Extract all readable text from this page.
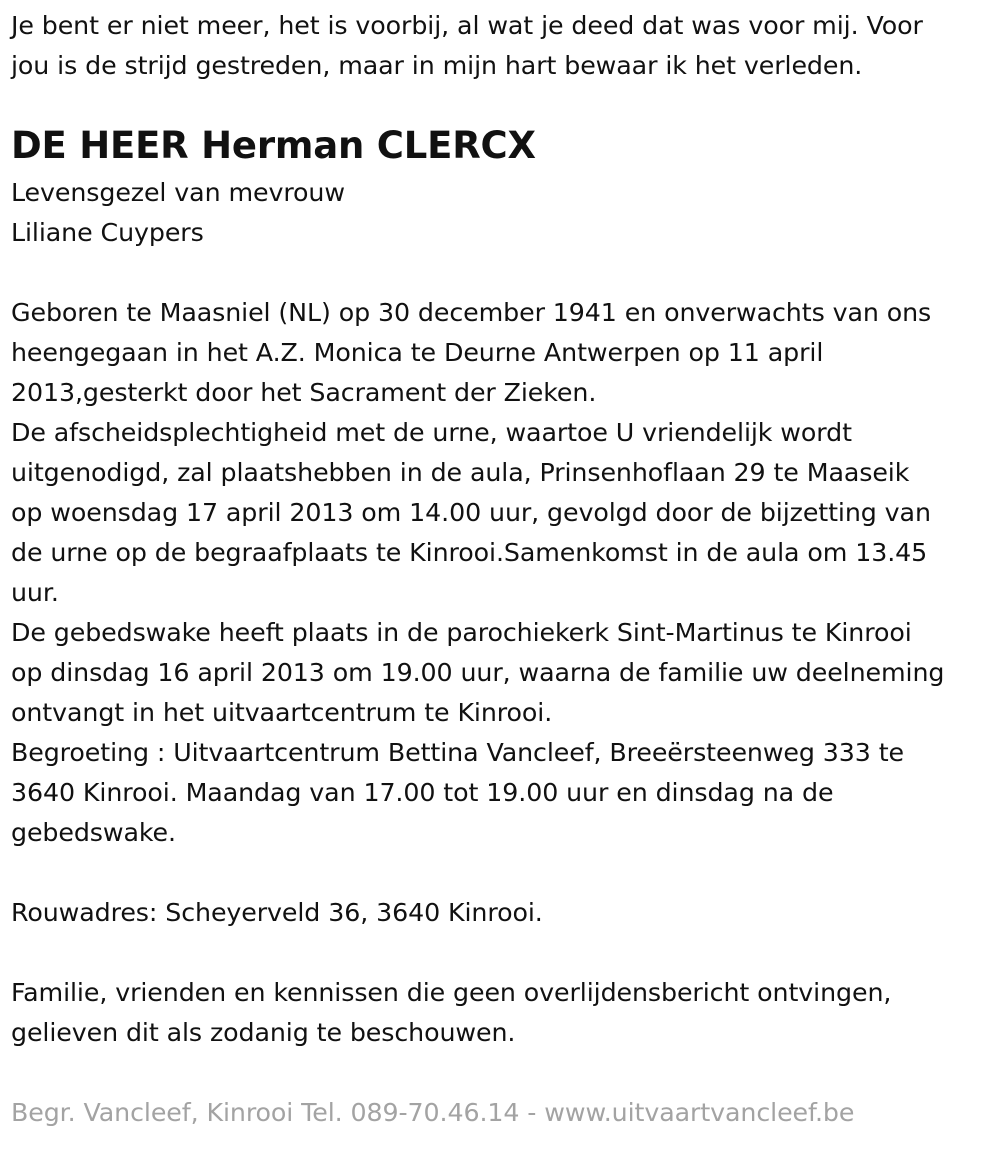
Je bent er niet meer, het is voorbij, al wat je deed dat was voor mij. Voor
jou is de strijd gestreden, maar in mijn hart bewaar ik het verleden.
DE HEER Herman CLERCX
Levensgezel van mevrouw
Liliane Cuypers
Geboren te Maasniel (NL) op 30 december 1941 en onverwachts van ons
heengegaan in het A.Z. Monica te Deurne Antwerpen op 11 april
2013,gesterkt door het Sacrament der Zieken.
De afscheidsplechtigheid met de urne, waartoe U vriendelijk wordt
uitgenodigd, zal plaatshebben in de aula, Prinsenhoflaan 29 te Maaseik
op woensdag 17 april 2013 om 14.00 uur, gevolgd door de bijzetting van
de urne op de begraafplaats te Kinrooi.Samenkomst in de aula om 13.45
uur.
De gebedswake heeft plaats in de parochiekerk Sint-Martinus te Kinrooi
op dinsdag 16 april 2013 om 19.00 uur, waarna de familie uw deelneming
ontvangt in het uitvaartcentrum te Kinrooi.
Begroeting : Uitvaartcentrum Bettina Vancleef, Breeërsteenweg 333 te
3640 Kinrooi. Maandag van 17.00 tot 19.00 uur en dinsdag na de
gebedswake.
Rouwadres: Scheyerveld 36, 3640 Kinrooi.
Familie, vrienden en kennissen die geen overlijdensbericht ontvingen,
gelieven dit als zodanig te beschouwen.
Begr. Vancleef, Kinrooi Tel. 089-70.46.14 - www.uitvaartvancleef.be
